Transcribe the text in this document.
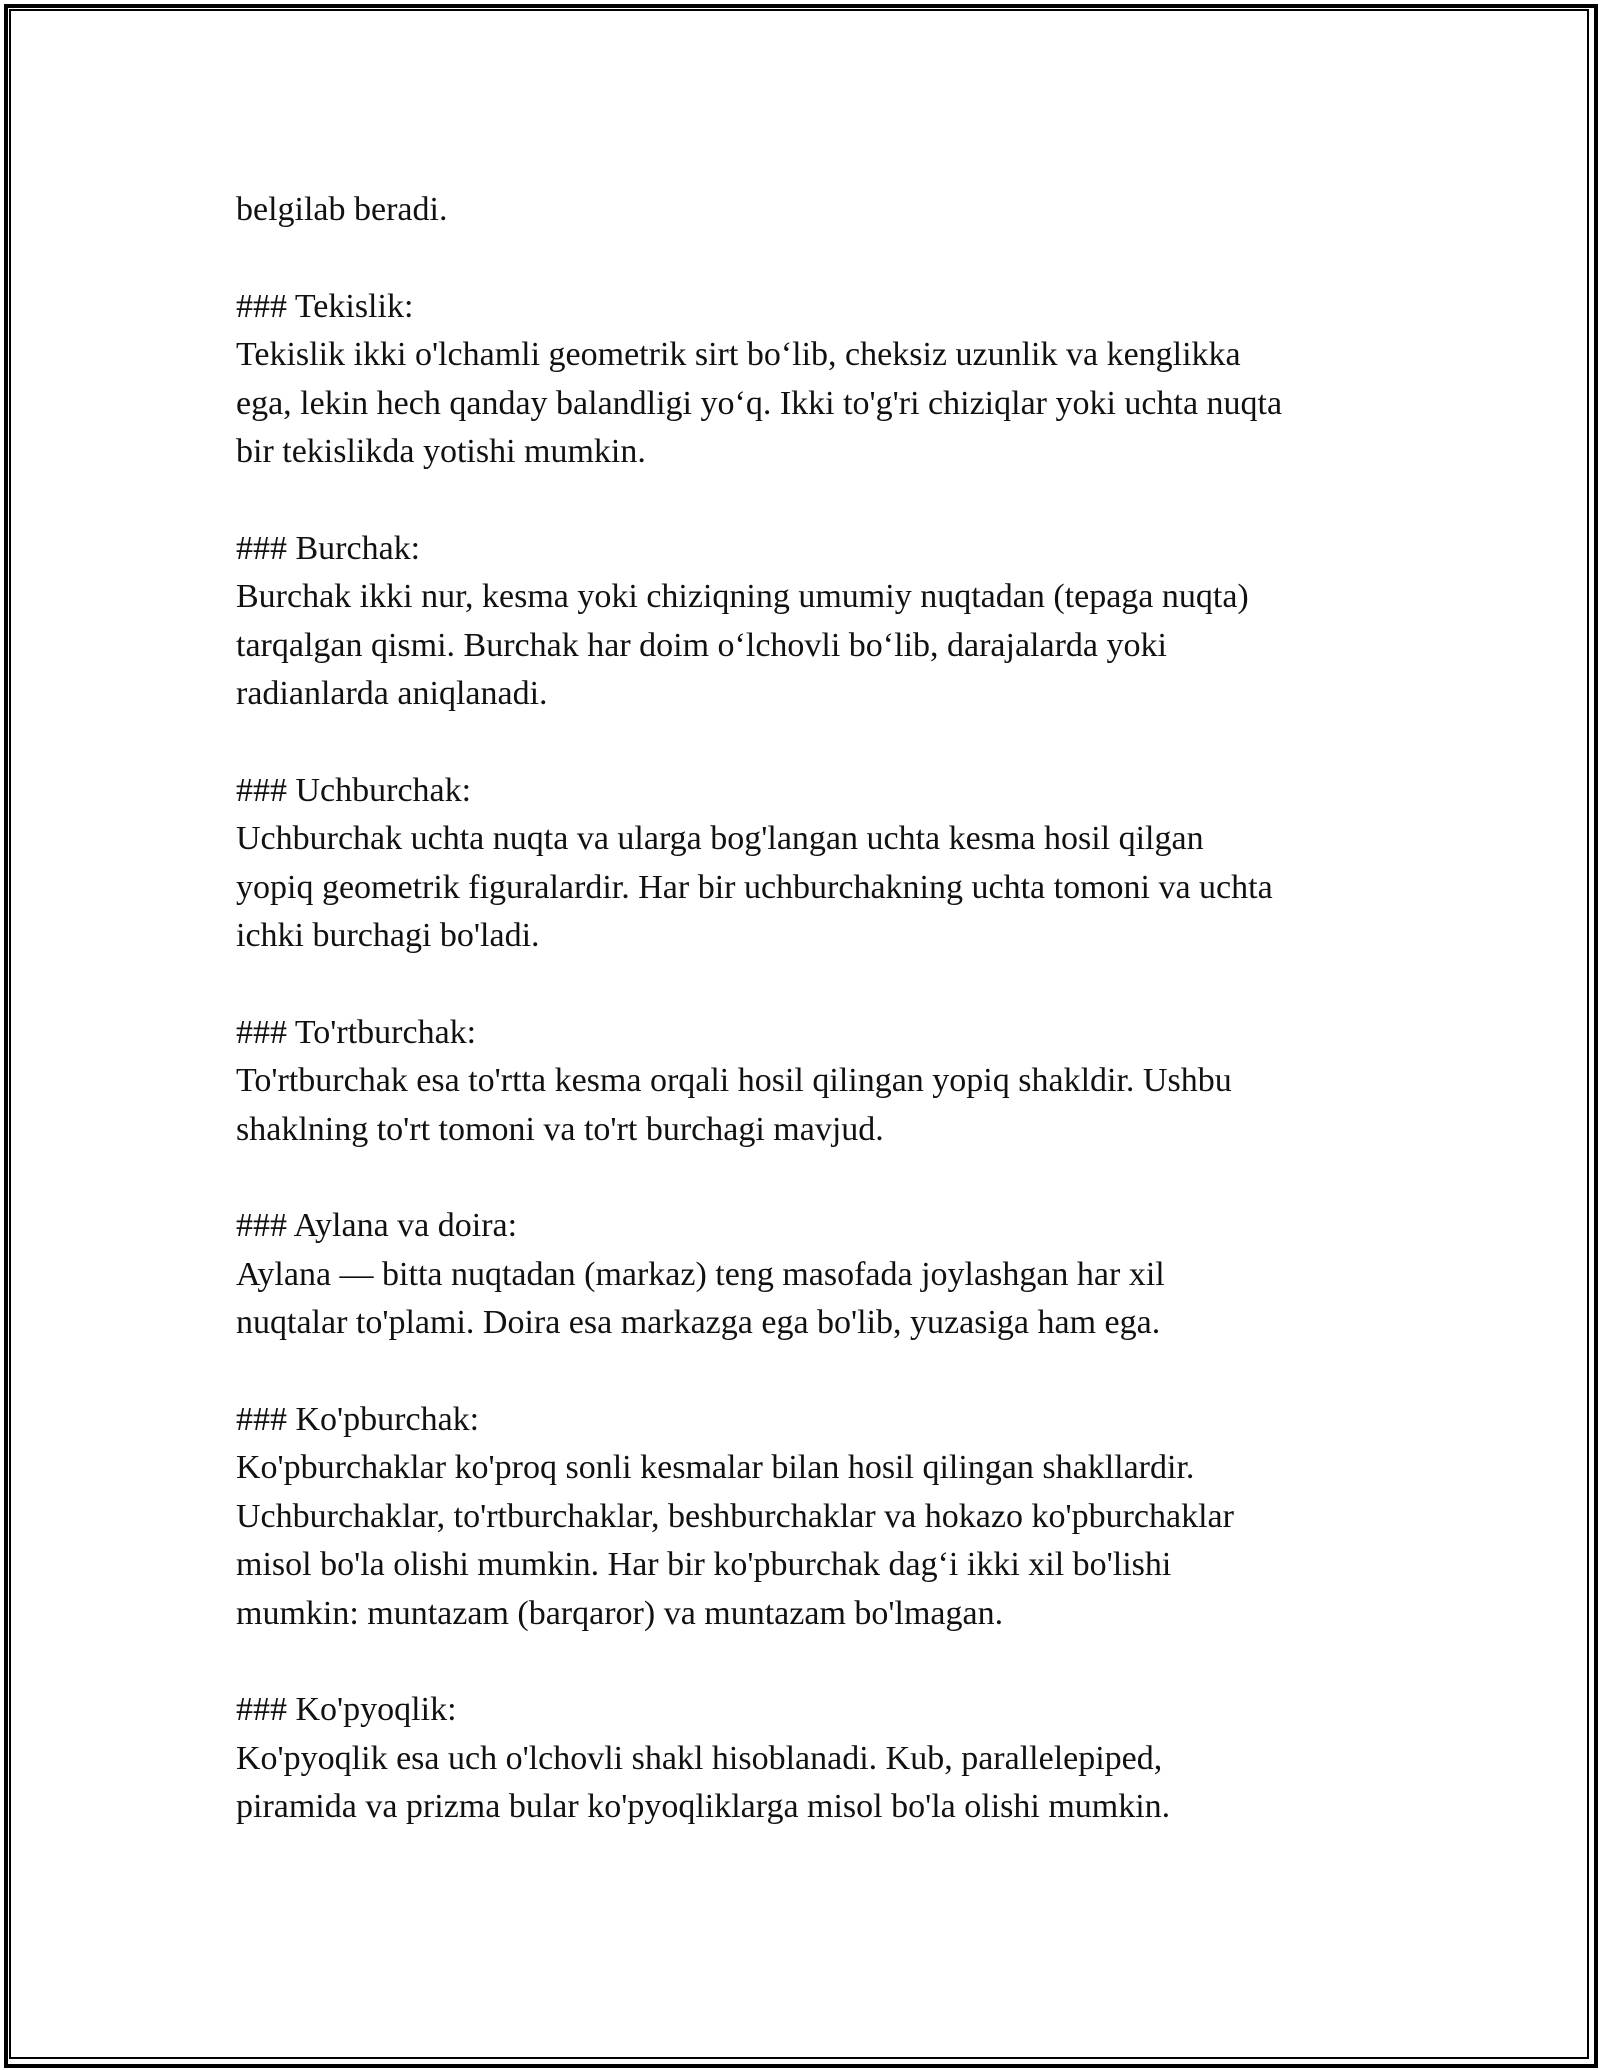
belgilab beradi.

### Tekislik:

Tekislik ikki o'lchamli geometrik sirt bo‘lib, cheksiz uzunlik va kenglikka
ega, lekin hech qanday balandligi yo‘q. Ikki to'g'ri chiziqlar yoki uchta nuqta
bir tekislikda yotishi mumkin.

### Burchak:

Burchak ikki nur, kesma yoki chiziqning umumiy nuqtadan (tepaga nuqta)
tarqalgan qismi. Burchak har doim o‘lchovli bo‘lib, darajalarda yoki
radianlarda aniqlanadi.

### Uchburchak:

Uchburchak uchta nuqta va ularga bog'langan uchta kesma hosil qilgan
yopiq geometrik figuralardir. Har bir uchburchakning uchta tomoni va uchta
ichki burchagi bo'ladi.

### To'rtburchak:

To'rtburchak esa to'rtta kesma orqali hosil qilingan yopiq shakldir. Ushbu
shaklning to'rt tomoni va to'rt burchagi mavjud.

### Aylana va doira:

Aylana — bitta nuqtadan (markaz) teng masofada joylashgan har xil
nuqtalar to'plami. Doira esa markazga ega bo'lib, yuzasiga ham ega.

### Ko'pburchak:

Ko'pburchaklar ko'proq sonli kesmalar bilan hosil qilingan shakllardir.
Uchburchaklar, to'rtburchaklar, beshburchaklar va hokazo ko'pburchaklar
misol bo'la olishi mumkin. Har bir ko'pburchak dag‘i ikki xil bo'lishi
mumkin: muntazam (barqaror) va muntazam bo'lmagan.

### Ko'pyoqlik:

Ko'pyoqlik esa uch o'lchovli shakl hisoblanadi. Kub, parallelepiped,
piramida va prizma bular ko'pyoqliklarga misol bo'la olishi mumkin.
